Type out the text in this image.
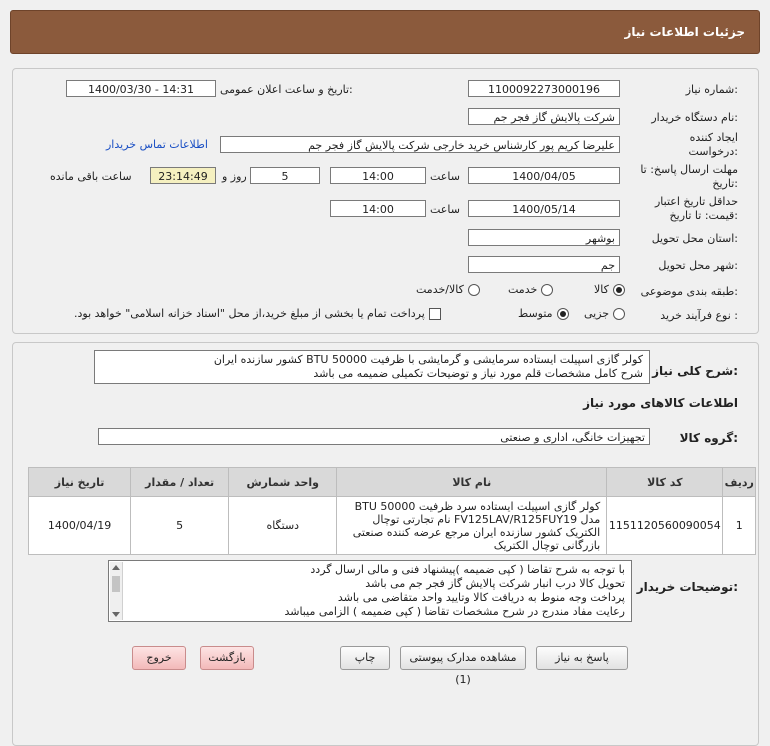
جزئیات اطلاعات نیاز
شماره نیاز:
1100092273000196
تاریخ و ساعت اعلان عمومی:
1400/03/30 - 14:31
نام دستگاه خریدار:
شرکت پالایش گاز فجر جم
ایجاد کننده درخواست:
علیرضا کریم پور کارشناس خرید خارجی شرکت پالایش گاز فجر جم
اطلاعات تماس خریدار
مهلت ارسال پاسخ: تا تاریخ:
1400/04/05
ساعت
14:00
5
روز و
23:14:49
ساعت باقی مانده
حداقل تاریخ اعتبار قیمت: تا تاریخ:
1400/05/14
ساعت
14:00
استان محل تحویل:
بوشهر
شهر محل تحویل:
جم
طبقه بندی موضوعی:
کالا
خدمت
کالا/خدمت
نوع فرآیند خرید :
جزیی
متوسط
پرداخت تمام یا بخشی از مبلغ خرید،از محل "اسناد خزانه اسلامی" خواهد بود.
شرح کلی نیاز:
کولر گازی اسپیلت ایستاده سرمایشی و گرمایشی با ظرفیت BTU 50000 کشور سازنده ایران
شرح کامل مشخصات قلم مورد نیاز و توضیحات تکمیلی ضمیمه می باشد
اطلاعات کالاهای مورد نیاز
گروه کالا:
تجهیزات خانگی، اداری و صنعتی
ردیف	کد کالا	نام کالا	واحد شمارش	تعداد / مقدار	تاریخ نیاز
1	1151120560090054	کولر گازی اسپیلت ایستاده سرد ظرفیت BTU 50000 مدل FV125LAV/R125FUY19 نام تجارتی توچال الکتریک کشور سازنده ایران مرجع عرضه کننده صنعتی بازرگانی توچال الکتریک	دستگاه	5	1400/04/19
توضیحات خریدار:
با توجه به شرح تقاضا ( کپی ضمیمه )پیشنهاد فنی و مالی ارسال گردد
تحویل کالا درب انبار شرکت پالایش گاز فجر جم می باشد
پرداخت وجه منوط به دریافت کالا وتایید واحد متقاضی می باشد
رعایت مفاد مندرج در شرح مشخصات تقاضا ( کپی ضمیمه ) الزامی میباشد
پاسخ به نیاز
مشاهده مدارک پیوستی (1)
چاپ
بازگشت
خروج
